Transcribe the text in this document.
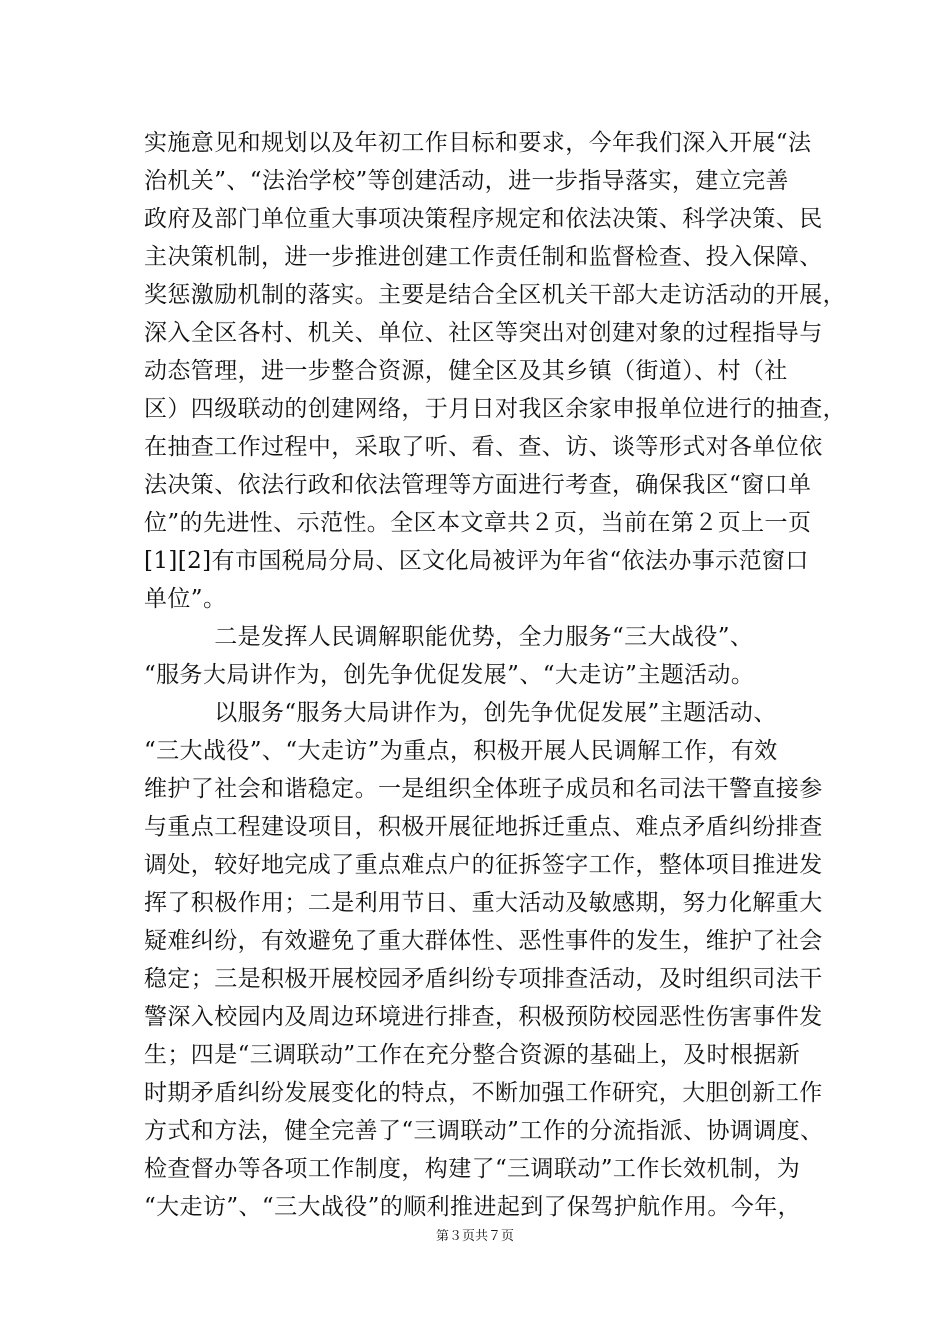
实施意见和规划以及年初工作目标和要求，今年我们深入开展“法
治机关”、“法治学校”等创建活动，进一步指导落实，建立完善
政府及部门单位重大事项决策程序规定和依法决策、科学决策、民
主决策机制，进一步推进创建工作责任制和监督检查、投入保障、
奖惩激励机制的落实。主要是结合全区机关干部大走访活动的开展，
深入全区各村、机关、单位、社区等突出对创建对象的过程指导与
动态管理，进一步整合资源，健全区及其乡镇（街道）、村（社
区）四级联动的创建网络，于月日对我区余家申报单位进行的抽查，
在抽查工作过程中，采取了听、看、查、访、谈等形式对各单位依
法决策、依法行政和依法管理等方面进行考查，确保我区“窗口单
位”的先进性、示范性。全区本文章共２页，当前在第２页上一页
[1][2]有市国税局分局、区文化局被评为年省“依法办事示范窗口
单位”。
　　　二是发挥人民调解职能优势，全力服务“三大战役”、
“服务大局讲作为，创先争优促发展”、“大走访”主题活动。
　　　以服务“服务大局讲作为，创先争优促发展”主题活动、
“三大战役”、“大走访”为重点，积极开展人民调解工作，有效
维护了社会和谐稳定。一是组织全体班子成员和名司法干警直接参
与重点工程建设项目，积极开展征地拆迁重点、难点矛盾纠纷排查
调处，较好地完成了重点难点户的征拆签字工作，整体项目推进发
挥了积极作用；二是利用节日、重大活动及敏感期，努力化解重大
疑难纠纷，有效避免了重大群体性、恶性事件的发生，维护了社会
稳定；三是积极开展校园矛盾纠纷专项排查活动，及时组织司法干
警深入校园内及周边环境进行排查，积极预防校园恶性伤害事件发
生；四是“三调联动”工作在充分整合资源的基础上，及时根据新
时期矛盾纠纷发展变化的特点，不断加强工作研究，大胆创新工作
方式和方法，健全完善了“三调联动”工作的分流指派、协调调度、
检查督办等各项工作制度，构建了“三调联动”工作长效机制，为
“大走访”、“三大战役”的顺利推进起到了保驾护航作用。今年，
第３页共７页
